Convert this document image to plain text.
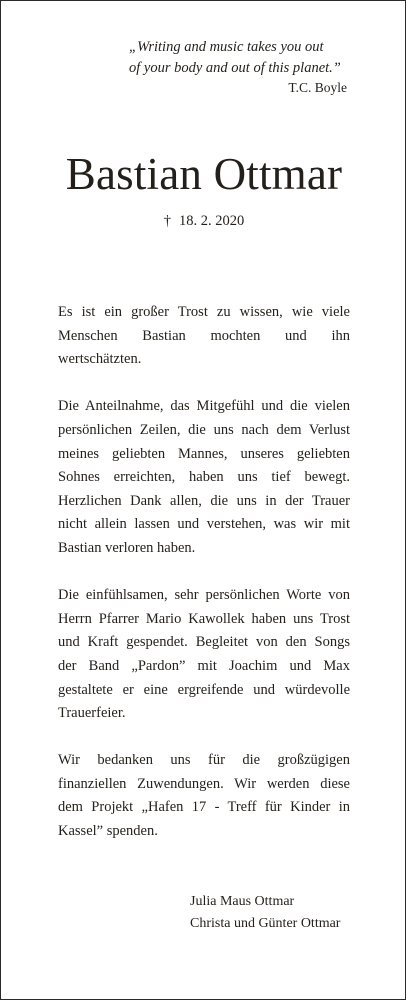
„Writing and music takes you out
of your body and out of this planet.”
T.C. Boyle
Bastian Ottmar
† 18. 2. 2020

Es ist ein großer Trost zu wissen, wie viele
Menschen Bastian mochten und ihn
wertschätzten.

Die Anteilnahme, das Mitgefühl und die vielen
persönlichen Zeilen, die uns nach dem Verlust
meines geliebten Mannes, unseres geliebten
Sohnes erreichten, haben uns tief bewegt.
Herzlichen Dank allen, die uns in der Trauer
nicht allein lassen und verstehen, was wir mit
Bastian verloren haben.

Die einfühlsamen, sehr persönlichen Worte von
Herrn Pfarrer Mario Kawollek haben uns Trost
und Kraft gespendet. Begleitet von den Songs
der Band „Pardon” mit Joachim und Max
gestaltete er eine ergreifende und würdevolle
Trauerfeier.

Wir bedanken uns für die großzügigen
finanziellen Zuwendungen. Wir werden diese
dem Projekt „Hafen 17 - Treff für Kinder in
Kassel” spenden.

Julia Maus Ottmar
Christa und Günter Ottmar
